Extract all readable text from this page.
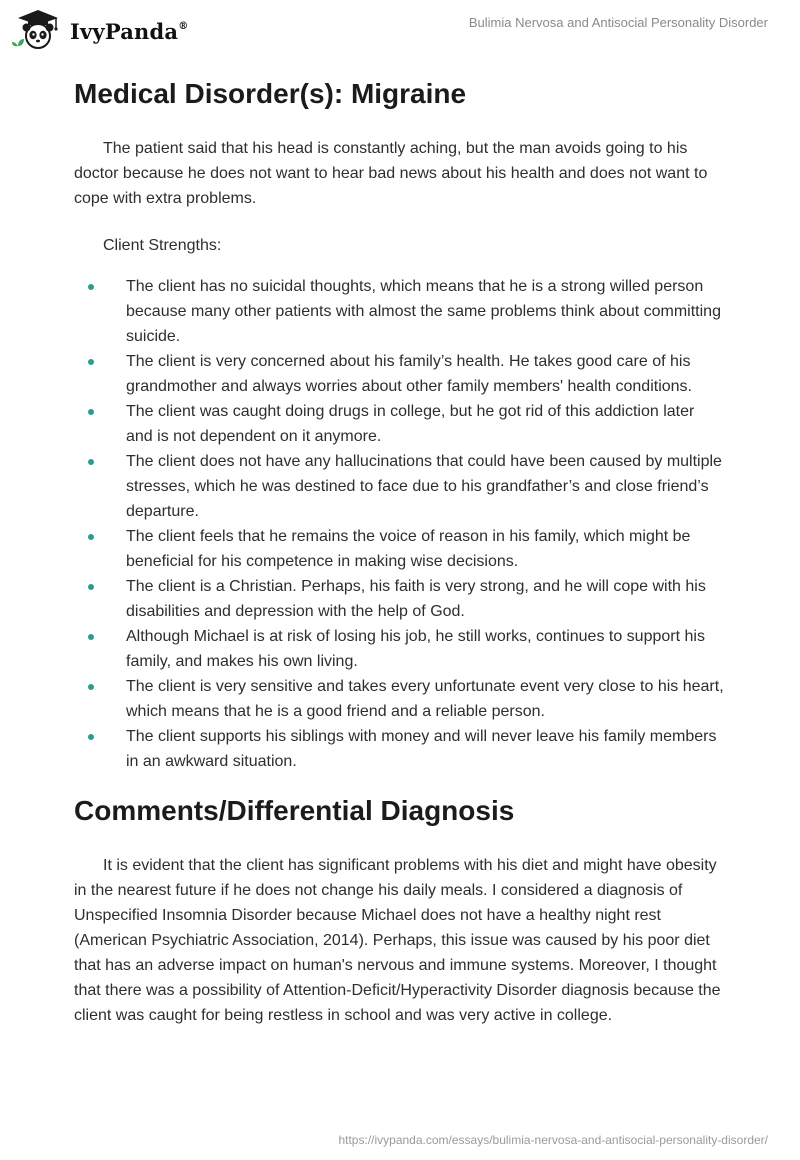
IvyPanda®	Bulimia Nervosa and Antisocial Personality Disorder
Medical Disorder(s): Migraine

The patient said that his head is constantly aching, but the man avoids going to his doctor because he does not want to hear bad news about his health and does not want to cope with extra problems.

Client Strengths:

The client has no suicidal thoughts, which means that he is a strong willed person because many other patients with almost the same problems think about committing suicide.
The client is very concerned about his family’s health. He takes good care of his grandmother and always worries about other family members' health conditions.
The client was caught doing drugs in college, but he got rid of this addiction later and is not dependent on it anymore.
The client does not have any hallucinations that could have been caused by multiple stresses, which he was destined to face due to his grandfather’s and close friend’s departure.
The client feels that he remains the voice of reason in his family, which might be beneficial for his competence in making wise decisions.
The client is a Christian. Perhaps, his faith is very strong, and he will cope with his disabilities and depression with the help of God.
Although Michael is at risk of losing his job, he still works, continues to support his family, and makes his own living.
The client is very sensitive and takes every unfortunate event very close to his heart, which means that he is a good friend and a reliable person.
The client supports his siblings with money and will never leave his family members in an awkward situation.
Comments/Differential Diagnosis

It is evident that the client has significant problems with his diet and might have obesity in the nearest future if he does not change his daily meals. I considered a diagnosis of Unspecified Insomnia Disorder because Michael does not have a healthy night rest (American Psychiatric Association, 2014). Perhaps, this issue was caused by his poor diet that has an adverse impact on human's nervous and immune systems. Moreover, I thought that there was a possibility of Attention-Deficit/Hyperactivity Disorder diagnosis because the client was caught for being restless in school and was very active in college.

https://ivypanda.com/essays/bulimia-nervosa-and-antisocial-personality-disorder/
